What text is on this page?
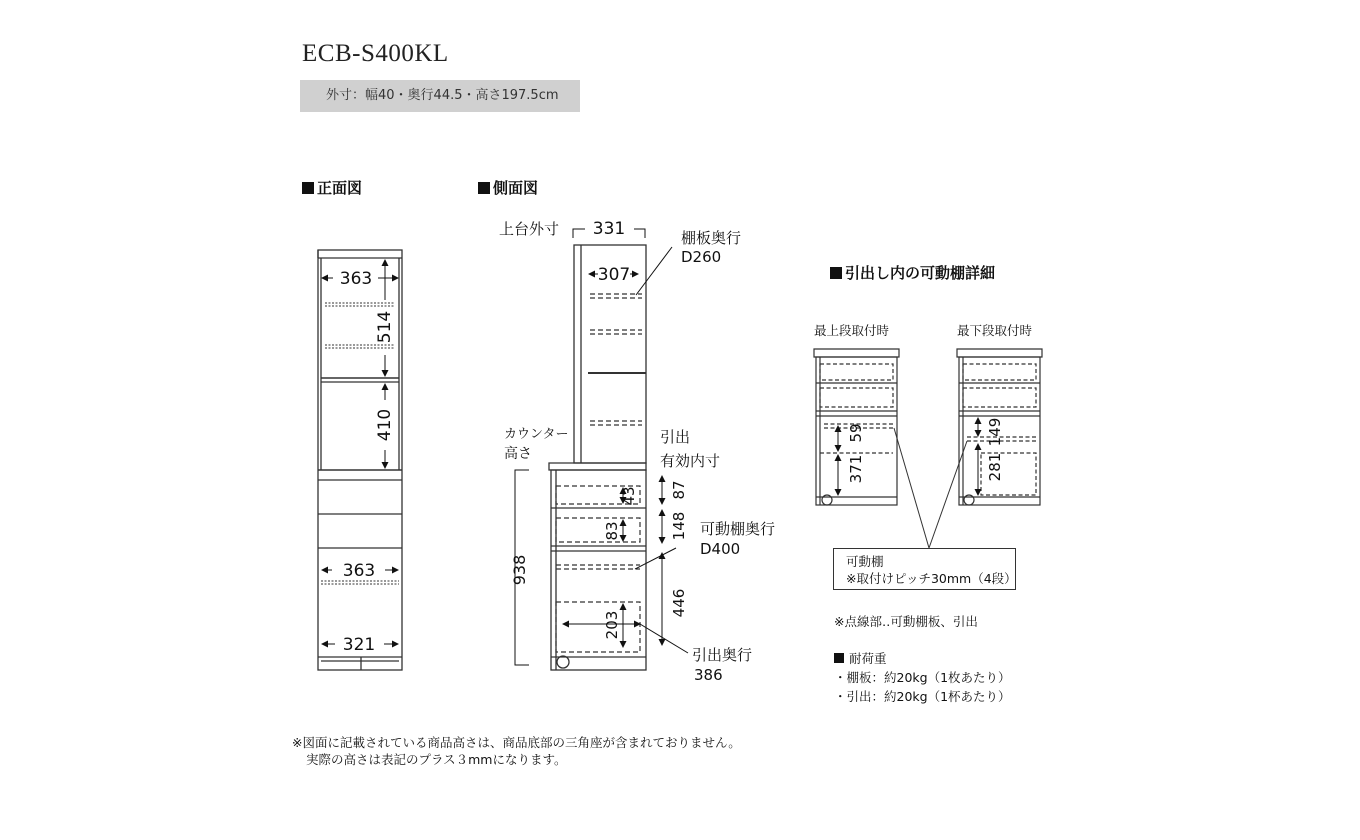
ECB-S400KL
外寸：幅40・奥行44.5・高さ197.5cm
正面図	側面図
引出し内の可動棚詳細
363
514
410
363
321
上台外寸 331	棚板奥行
D260
307
カウンター
高さ
938
引出
有効内寸
43 87
83	148 可動棚奥行
D400
446
203
引出奥行
386
最上段取付時	最下段取付時
59
371
149
281
可動棚
※取付けピッチ30mm（4段）
※点線部‥可動棚板、引出
耐荷重
・棚板：約20kg（1枚あたり）
・引出：約20kg（1杯あたり）
※図面に記載されている商品高さは、商品底部の三角座が含まれておりません。
実際の高さは表記のプラス３mmになります。
